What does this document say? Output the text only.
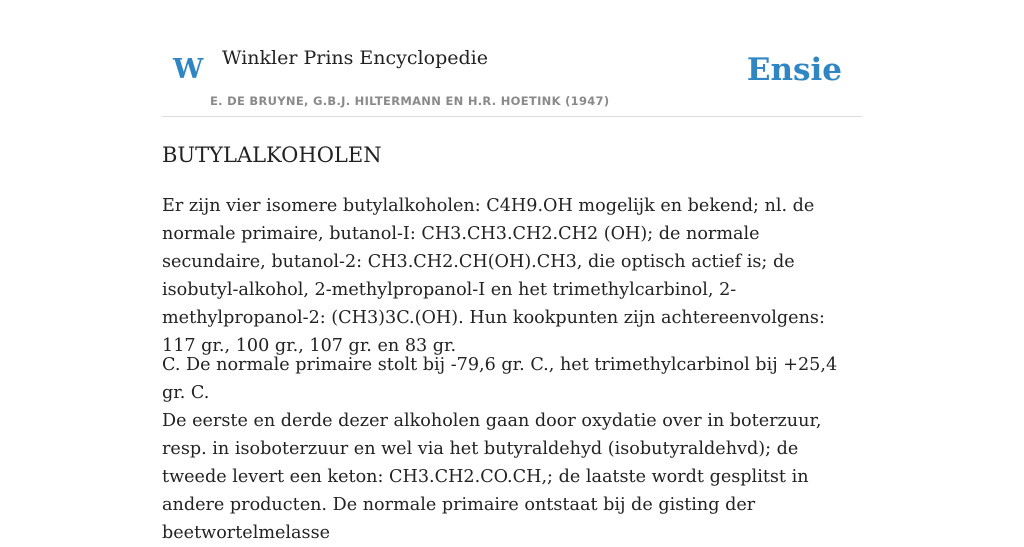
W Winkler Prins Encyclopedie
E. DE BRUYNE, G.B.J. HILTERMANN EN H.R. HOETINK (1947)
Ensie
BUTYLALKOHOLEN

Er zijn vier isomere butylalkoholen: C4H9.OH mogelijk en bekend; nl. de normale primaire, butanol-I: CH3.CH3.CH2.CH2 (OH); de normale secundaire, butanol-2: CH3.CH2.CH(OH).CH3, die optisch actief is; de isobutyl-alkohol, 2-methylpropanol-I en het trimethylcarbinol, 2-methylpropanol-2: (CH3)3C.(OH). Hun kookpunten zijn achtereenvolgens: 117 gr., 100 gr., 107 gr. en 83 gr.

C. De normale primaire stolt bij -79,6 gr. C., het trimethylcarbinol bij +25,4 gr. C.

De eerste en derde dezer alkoholen gaan door oxydatie over in boterzuur, resp. in isoboterzuur en wel via het butyraldehyd (isobutyraldehvd); de tweede levert een keton: CH3.CH2.CO.CH,; de laatste wordt gesplitst in andere producten. De normale primaire ontstaat bij de gisting der beetwortelmelasse
